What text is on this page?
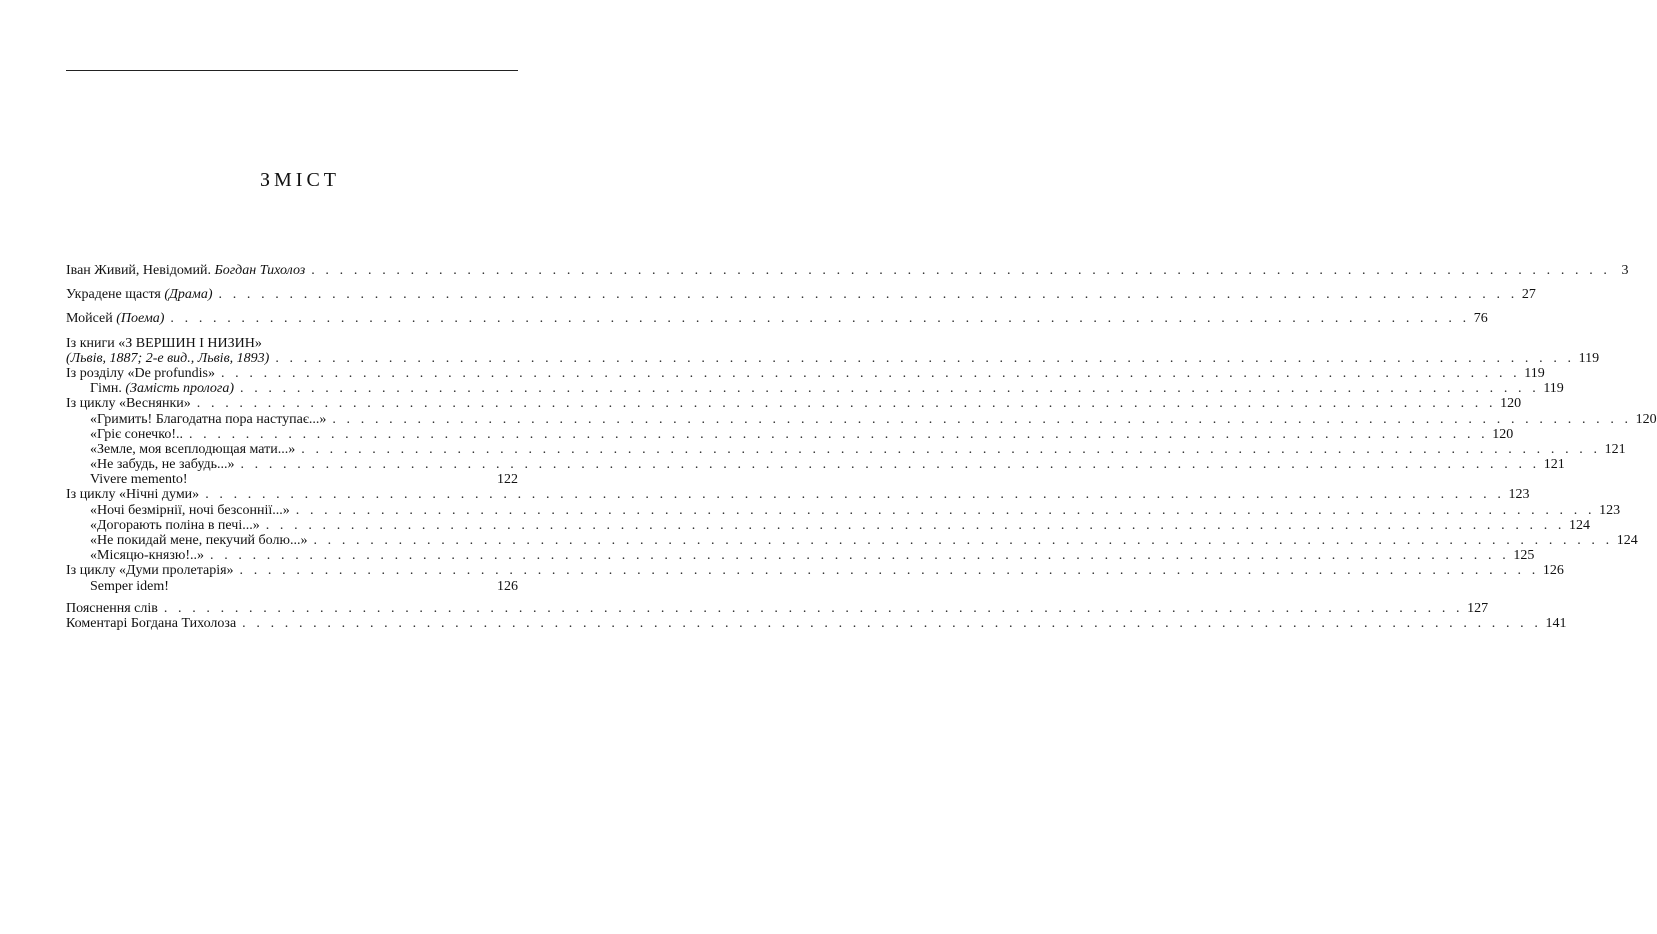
ЗМІСТ
Іван Живий, Невідомий. Богдан Тихолоз . . . . . . . . . . . . . . . . . . . . . . . . . . . . . . . . . . . . . . . . . . . . . . . . . . . . . . . . . . . . . . . . . . . . . . . . . . . . . . . . . . . . . . . . . . . . 3
Украдене щастя (Драма) . . . . . . . . . . . . . . . . . . . . . . . . . . . . . . . . . . . . . . . . . . . . . . . . . . . . . . . . . . . . . . . . . . . . . . . . . . . . . . . . . . . . . . . . . . . . 27
Мойсей (Поема) . . . . . . . . . . . . . . . . . . . . . . . . . . . . . . . . . . . . . . . . . . . . . . . . . . . . . . . . . . . . . . . . . . . . . . . . . . . . . . . . . . . . . . . . . . . . 76
Із книги «З ВЕРШИН І НИЗИН»
(Львів, 1887; 2-е вид., Львів, 1893) . . . . . . . . . . . . . . . . . . . . . . . . . . . . . . . . . . . . . . . . . . . . . . . . . . . . . . . . . . . . . . . . . . . . . . . . . . . . . . . . . . . . . . . . . . . . 119
Із розділу «De profundis» . . . . . . . . . . . . . . . . . . . . . . . . . . . . . . . . . . . . . . . . . . . . . . . . . . . . . . . . . . . . . . . . . . . . . . . . . . . . . . . . . . . . . . . . . . . . 119
Гімн. (Замість пролога) . . . . . . . . . . . . . . . . . . . . . . . . . . . . . . . . . . . . . . . . . . . . . . . . . . . . . . . . . . . . . . . . . . . . . . . . . . . . . . . . . . . . . . . . . . . . 119
Із циклу «Веснянки» . . . . . . . . . . . . . . . . . . . . . . . . . . . . . . . . . . . . . . . . . . . . . . . . . . . . . . . . . . . . . . . . . . . . . . . . . . . . . . . . . . . . . . . . . . . . 120
«Гримить! Благодатна пора наступає...» . . . . . . . . . . . . . . . . . . . . . . . . . . . . . . . . . . . . . . . . . . . . . . . . . . . . . . . . . . . . . . . . . . . . . . . . . . . . . . . . . . . . . . . . . . . . 120
«Гріє сонечко!.. . . . . . . . . . . . . . . . . . . . . . . . . . . . . . . . . . . . . . . . . . . . . . . . . . . . . . . . . . . . . . . . . . . . . . . . . . . . . . . . . . . . . . . . . . . . . 120
«Земле, моя всеплодющая мати...» . . . . . . . . . . . . . . . . . . . . . . . . . . . . . . . . . . . . . . . . . . . . . . . . . . . . . . . . . . . . . . . . . . . . . . . . . . . . . . . . . . . . . . . . . . . . 121
«Не забудь, не забудь...» . . . . . . . . . . . . . . . . . . . . . . . . . . . . . . . . . . . . . . . . . . . . . . . . . . . . . . . . . . . . . . . . . . . . . . . . . . . . . . . . . . . . . . . . . . . . 121
Vivere memento!	122
Із циклу «Нічні думи» . . . . . . . . . . . . . . . . . . . . . . . . . . . . . . . . . . . . . . . . . . . . . . . . . . . . . . . . . . . . . . . . . . . . . . . . . . . . . . . . . . . . . . . . . . . . 123
«Ночі безмірнії, ночі безсоннії...» . . . . . . . . . . . . . . . . . . . . . . . . . . . . . . . . . . . . . . . . . . . . . . . . . . . . . . . . . . . . . . . . . . . . . . . . . . . . . . . . . . . . . . . . . . . . 123
«Догорають поліна в печі...» . . . . . . . . . . . . . . . . . . . . . . . . . . . . . . . . . . . . . . . . . . . . . . . . . . . . . . . . . . . . . . . . . . . . . . . . . . . . . . . . . . . . . . . . . . . . 124
«Не покидай мене, пекучий болю...» . . . . . . . . . . . . . . . . . . . . . . . . . . . . . . . . . . . . . . . . . . . . . . . . . . . . . . . . . . . . . . . . . . . . . . . . . . . . . . . . . . . . . . . . . . . . 124
«Місяцю-князю!..» . . . . . . . . . . . . . . . . . . . . . . . . . . . . . . . . . . . . . . . . . . . . . . . . . . . . . . . . . . . . . . . . . . . . . . . . . . . . . . . . . . . . . . . . . . . . 125
Із циклу «Думи пролетарія» . . . . . . . . . . . . . . . . . . . . . . . . . . . . . . . . . . . . . . . . . . . . . . . . . . . . . . . . . . . . . . . . . . . . . . . . . . . . . . . . . . . . . . . . . . . . 126
Semper idem!	126
Пояснення слів . . . . . . . . . . . . . . . . . . . . . . . . . . . . . . . . . . . . . . . . . . . . . . . . . . . . . . . . . . . . . . . . . . . . . . . . . . . . . . . . . . . . . . . . . . . . 127
Коментарі Богдана Тихолоза . . . . . . . . . . . . . . . . . . . . . . . . . . . . . . . . . . . . . . . . . . . . . . . . . . . . . . . . . . . . . . . . . . . . . . . . . . . . . . . . . . . . . . . . . . . . 141
